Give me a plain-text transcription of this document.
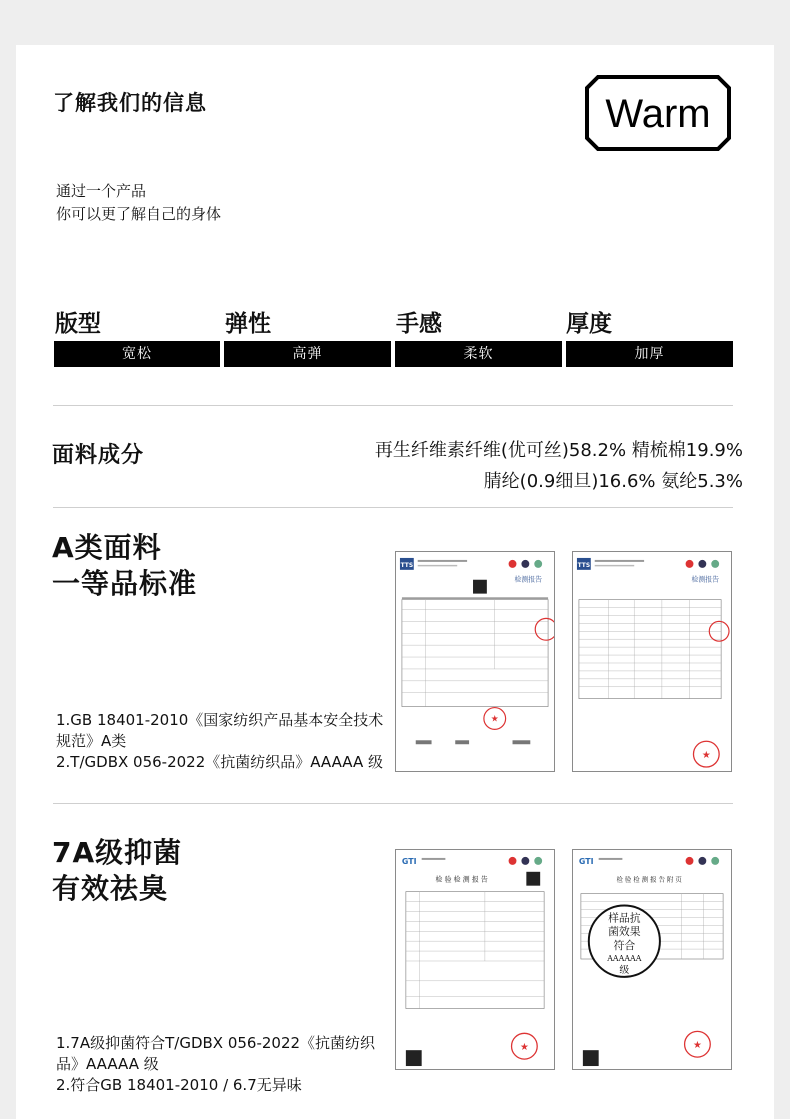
了解我们的信息	Warm
通过一个产品
你可以更了解自己的身体
版型	弹性	手感	厚度
宽松	高弹	柔软	加厚
面料成分	再生纤维素纤维(优可丝)58.2% 精梳棉19.9%
腈纶(0.9细旦)16.6% 氨纶5.3%
A类面料
一等品标准
1.GB 18401-2010《国家纺织产品基本安全技术规范》A类
2.T/GDBX 056-2022《抗菌纺织品》AAAAA 级
TTS
检测报告
★
TTS
检测报告
★
7A级抑菌
有效祛臭
1.7A级抑菌符合T/GDBX 056-2022《抗菌纺织品》AAAAA 级
2.符合GB 18401-2010 / 6.7无异味
GTI
检 验 检 测 报 告
★
GTI
检 验 检 测 报 告 附 页
样品抗
菌效果
符合
AAAAAA
级
★
